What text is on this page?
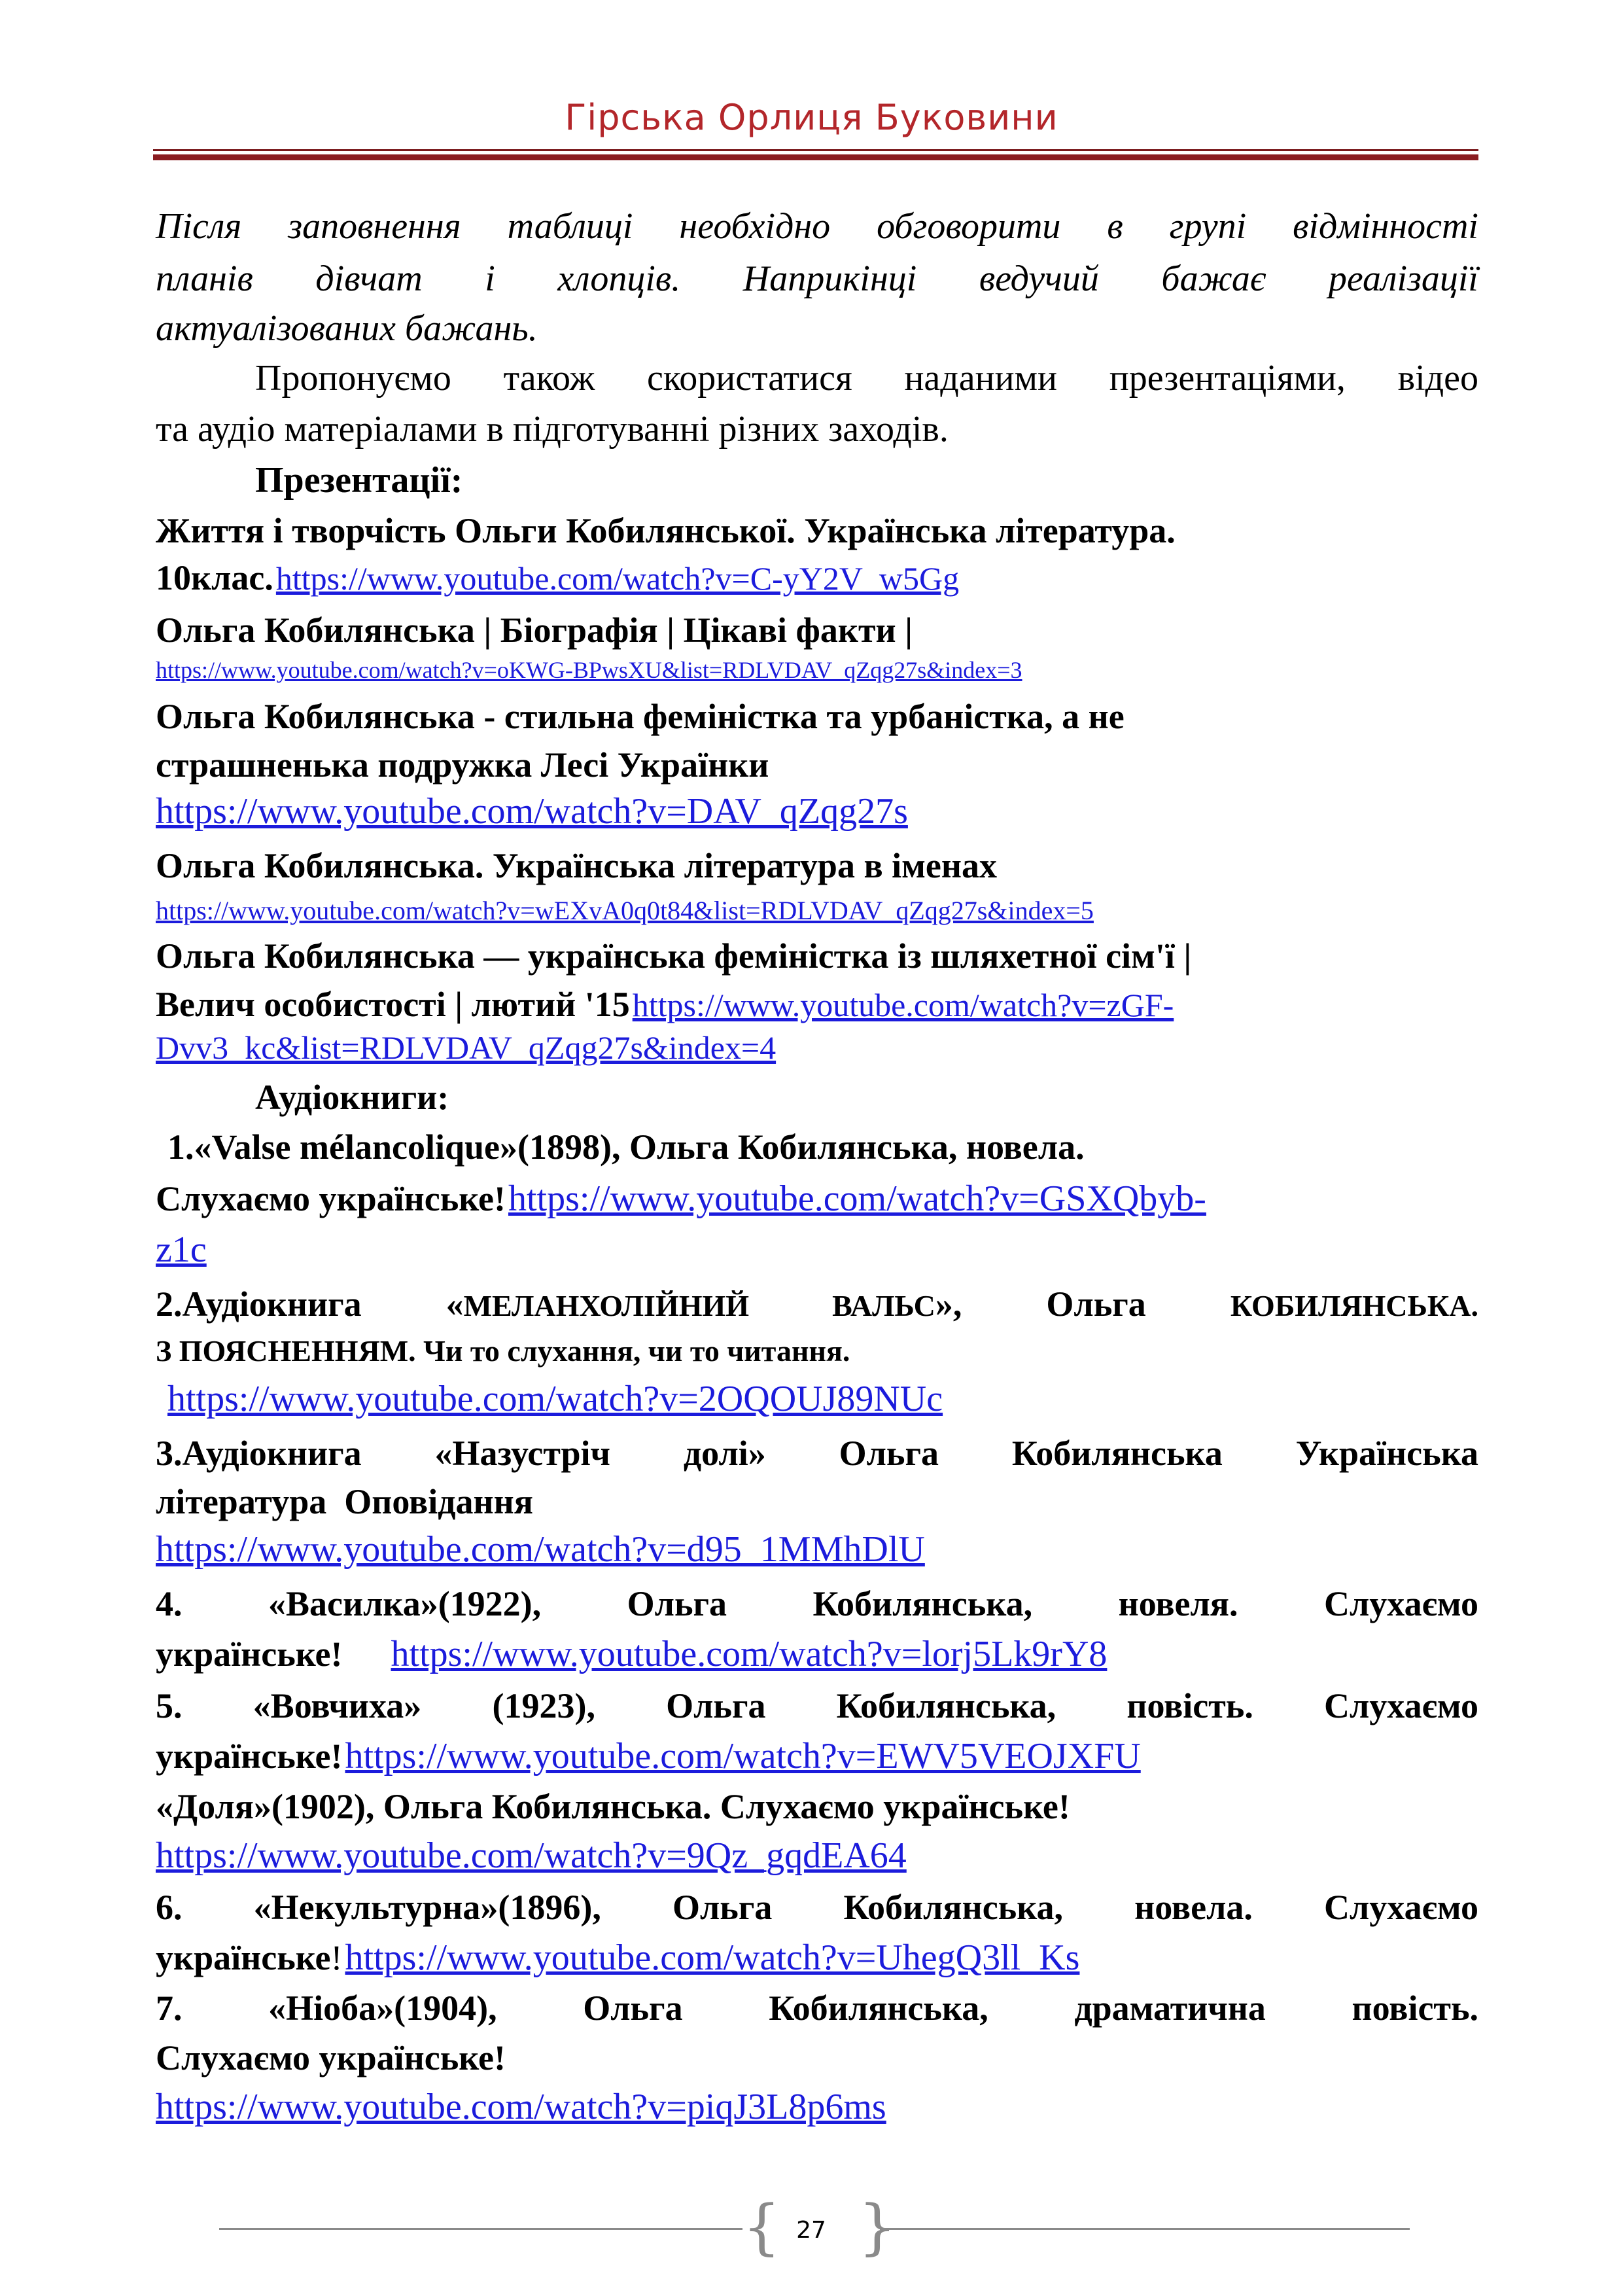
Гірська Орлиця Буковини
Після заповнення таблиці необхідно обговорити в групі відмінності
планів дівчат і хлопців. Наприкінці ведучий бажає реалізації
актуалізованих бажань.
Пропонуємо також скористатися наданими презентаціями, відео
та аудіо матеріалами в підготуванні різних заходів.
Презентації:
Життя і творчість Ольги Кобилянської. Українська література.
10клас. https://www.youtube.com/watch?v=C-yY2V_w5Gg
Ольга Кобилянська | Біографія | Цікаві факти |
https://www.youtube.com/watch?v=oKWG-BPwsXU&list=RDLVDAV_qZqg27s&index=3
Ольга Кобилянська - стильна феміністка та урбаністка, а не
страшненька подружка Лесі Українки
https://www.youtube.com/watch?v=DAV_qZqg27s
Ольга Кобилянська. Українська література в іменах
https://www.youtube.com/watch?v=wEXvA0q0t84&list=RDLVDAV_qZqg27s&index=5
Ольга Кобилянська — українська феміністка із шляхетної сім'ї |
Велич особистості | лютий '15 https://www.youtube.com/watch?v=zGF-
Dvv3_kc&list=RDLVDAV_qZqg27s&index=4
Аудіокниги:
1.«Valse mélancolique»(1898), Ольга Кобилянська, новела.
Слухаємо українське! https://www.youtube.com/watch?v=GSXQbyb-
z1c
2.Аудіокнига «МЕЛАНХОЛІЙНИЙ ВАЛЬС», Ольга КОБИЛЯНСЬКА.
З ПОЯСНЕННЯМ. Чи то слухання, чи то читання.
https://www.youtube.com/watch?v=2OQOUJ89NUc
3.Аудіокнига «Назустріч долі» Ольга Кобилянська Українська
література  Оповідання
https://www.youtube.com/watch?v=d95_1MMhDlU
4. «Василка»(1922), Ольга Кобилянська, новеля. Слухаємо
українське! https://www.youtube.com/watch?v=lorj5Lk9rY8
5. «Вовчиха» (1923), Ольга Кобилянська, повість. Слухаємо
українське! https://www.youtube.com/watch?v=EWV5VEOJXFU
«Доля»(1902), Ольга Кобилянська. Слухаємо українське!
https://www.youtube.com/watch?v=9Qz_gqdEA64
6. «Некультурна»(1896), Ольга Кобилянська, новела. Слухаємо
українське! https://www.youtube.com/watch?v=UhegQ3ll_Ks
7. «Ніоба»(1904), Ольга Кобилянська, драматична повість.
Слухаємо українське!
https://www.youtube.com/watch?v=piqJ3L8p6ms
{ }
27
